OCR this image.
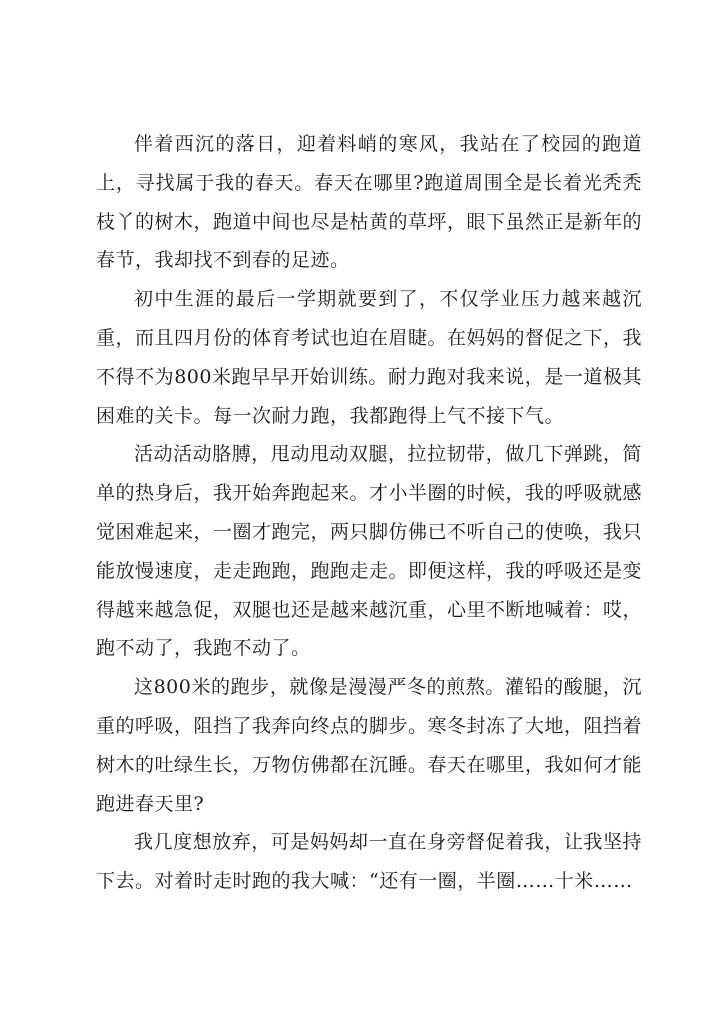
伴着西沉的落日，迎着料峭的寒风，我站在了校园的跑道上，寻找属于我的春天。春天在哪里?跑道周围全是长着光秃秃枝丫的树木，跑道中间也尽是枯黄的草坪，眼下虽然正是新年的春节，我却找不到春的足迹。

初中生涯的最后一学期就要到了，不仅学业压力越来越沉重，而且四月份的体育考试也迫在眉睫。在妈妈的督促之下，我不得不为800米跑早早开始训练。耐力跑对我来说，是一道极其困难的关卡。每一次耐力跑，我都跑得上气不接下气。

活动活动胳膊，甩动甩动双腿，拉拉韧带，做几下弹跳，简单的热身后，我开始奔跑起来。才小半圈的时候，我的呼吸就感觉困难起来，一圈才跑完，两只脚仿佛已不听自己的使唤，我只能放慢速度，走走跑跑，跑跑走走。即便这样，我的呼吸还是变得越来越急促，双腿也还是越来越沉重，心里不断地喊着：哎，跑不动了，我跑不动了。

这800米的跑步，就像是漫漫严冬的煎熬。灌铅的酸腿，沉重的呼吸，阻挡了我奔向终点的脚步。寒冬封冻了大地，阻挡着树木的吐绿生长，万物仿佛都在沉睡。春天在哪里，我如何才能跑进春天里?

我几度想放弃，可是妈妈却一直在身旁督促着我，让我坚持下去。对着时走时跑的我大喊：“还有一圈，半圈……十米……
